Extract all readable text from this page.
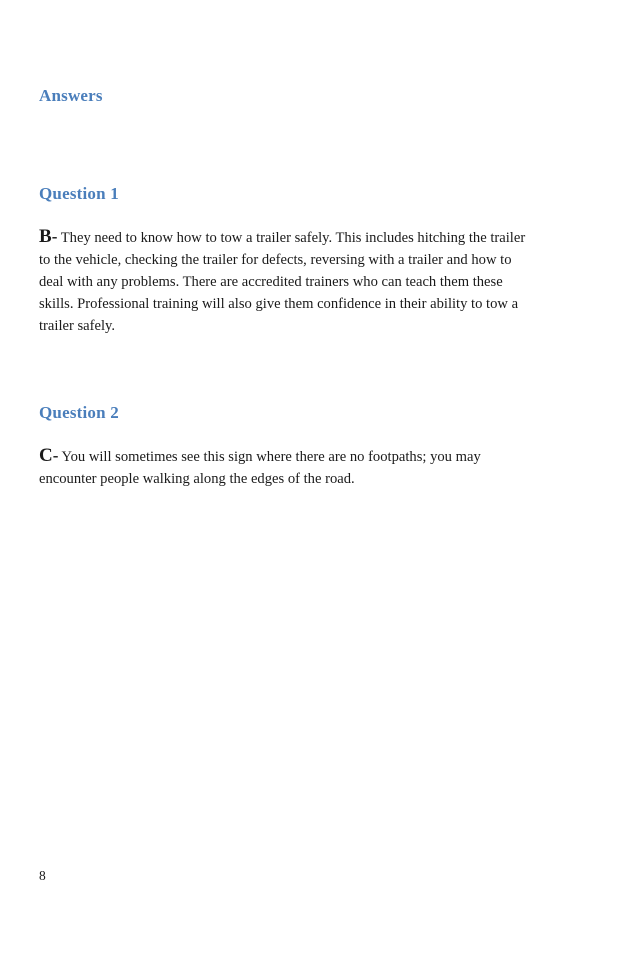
Answers
Question 1

B- They need to know how to tow a trailer safely. This includes hitching the trailer to the vehicle, checking the trailer for defects, reversing with a trailer and how to deal with any problems. There are accredited trainers who can teach them these skills. Professional training will also give them confidence in their ability to tow a trailer safely.

Question 2

C- You will sometimes see this sign where there are no footpaths; you may encounter people walking along the edges of the road.

8
